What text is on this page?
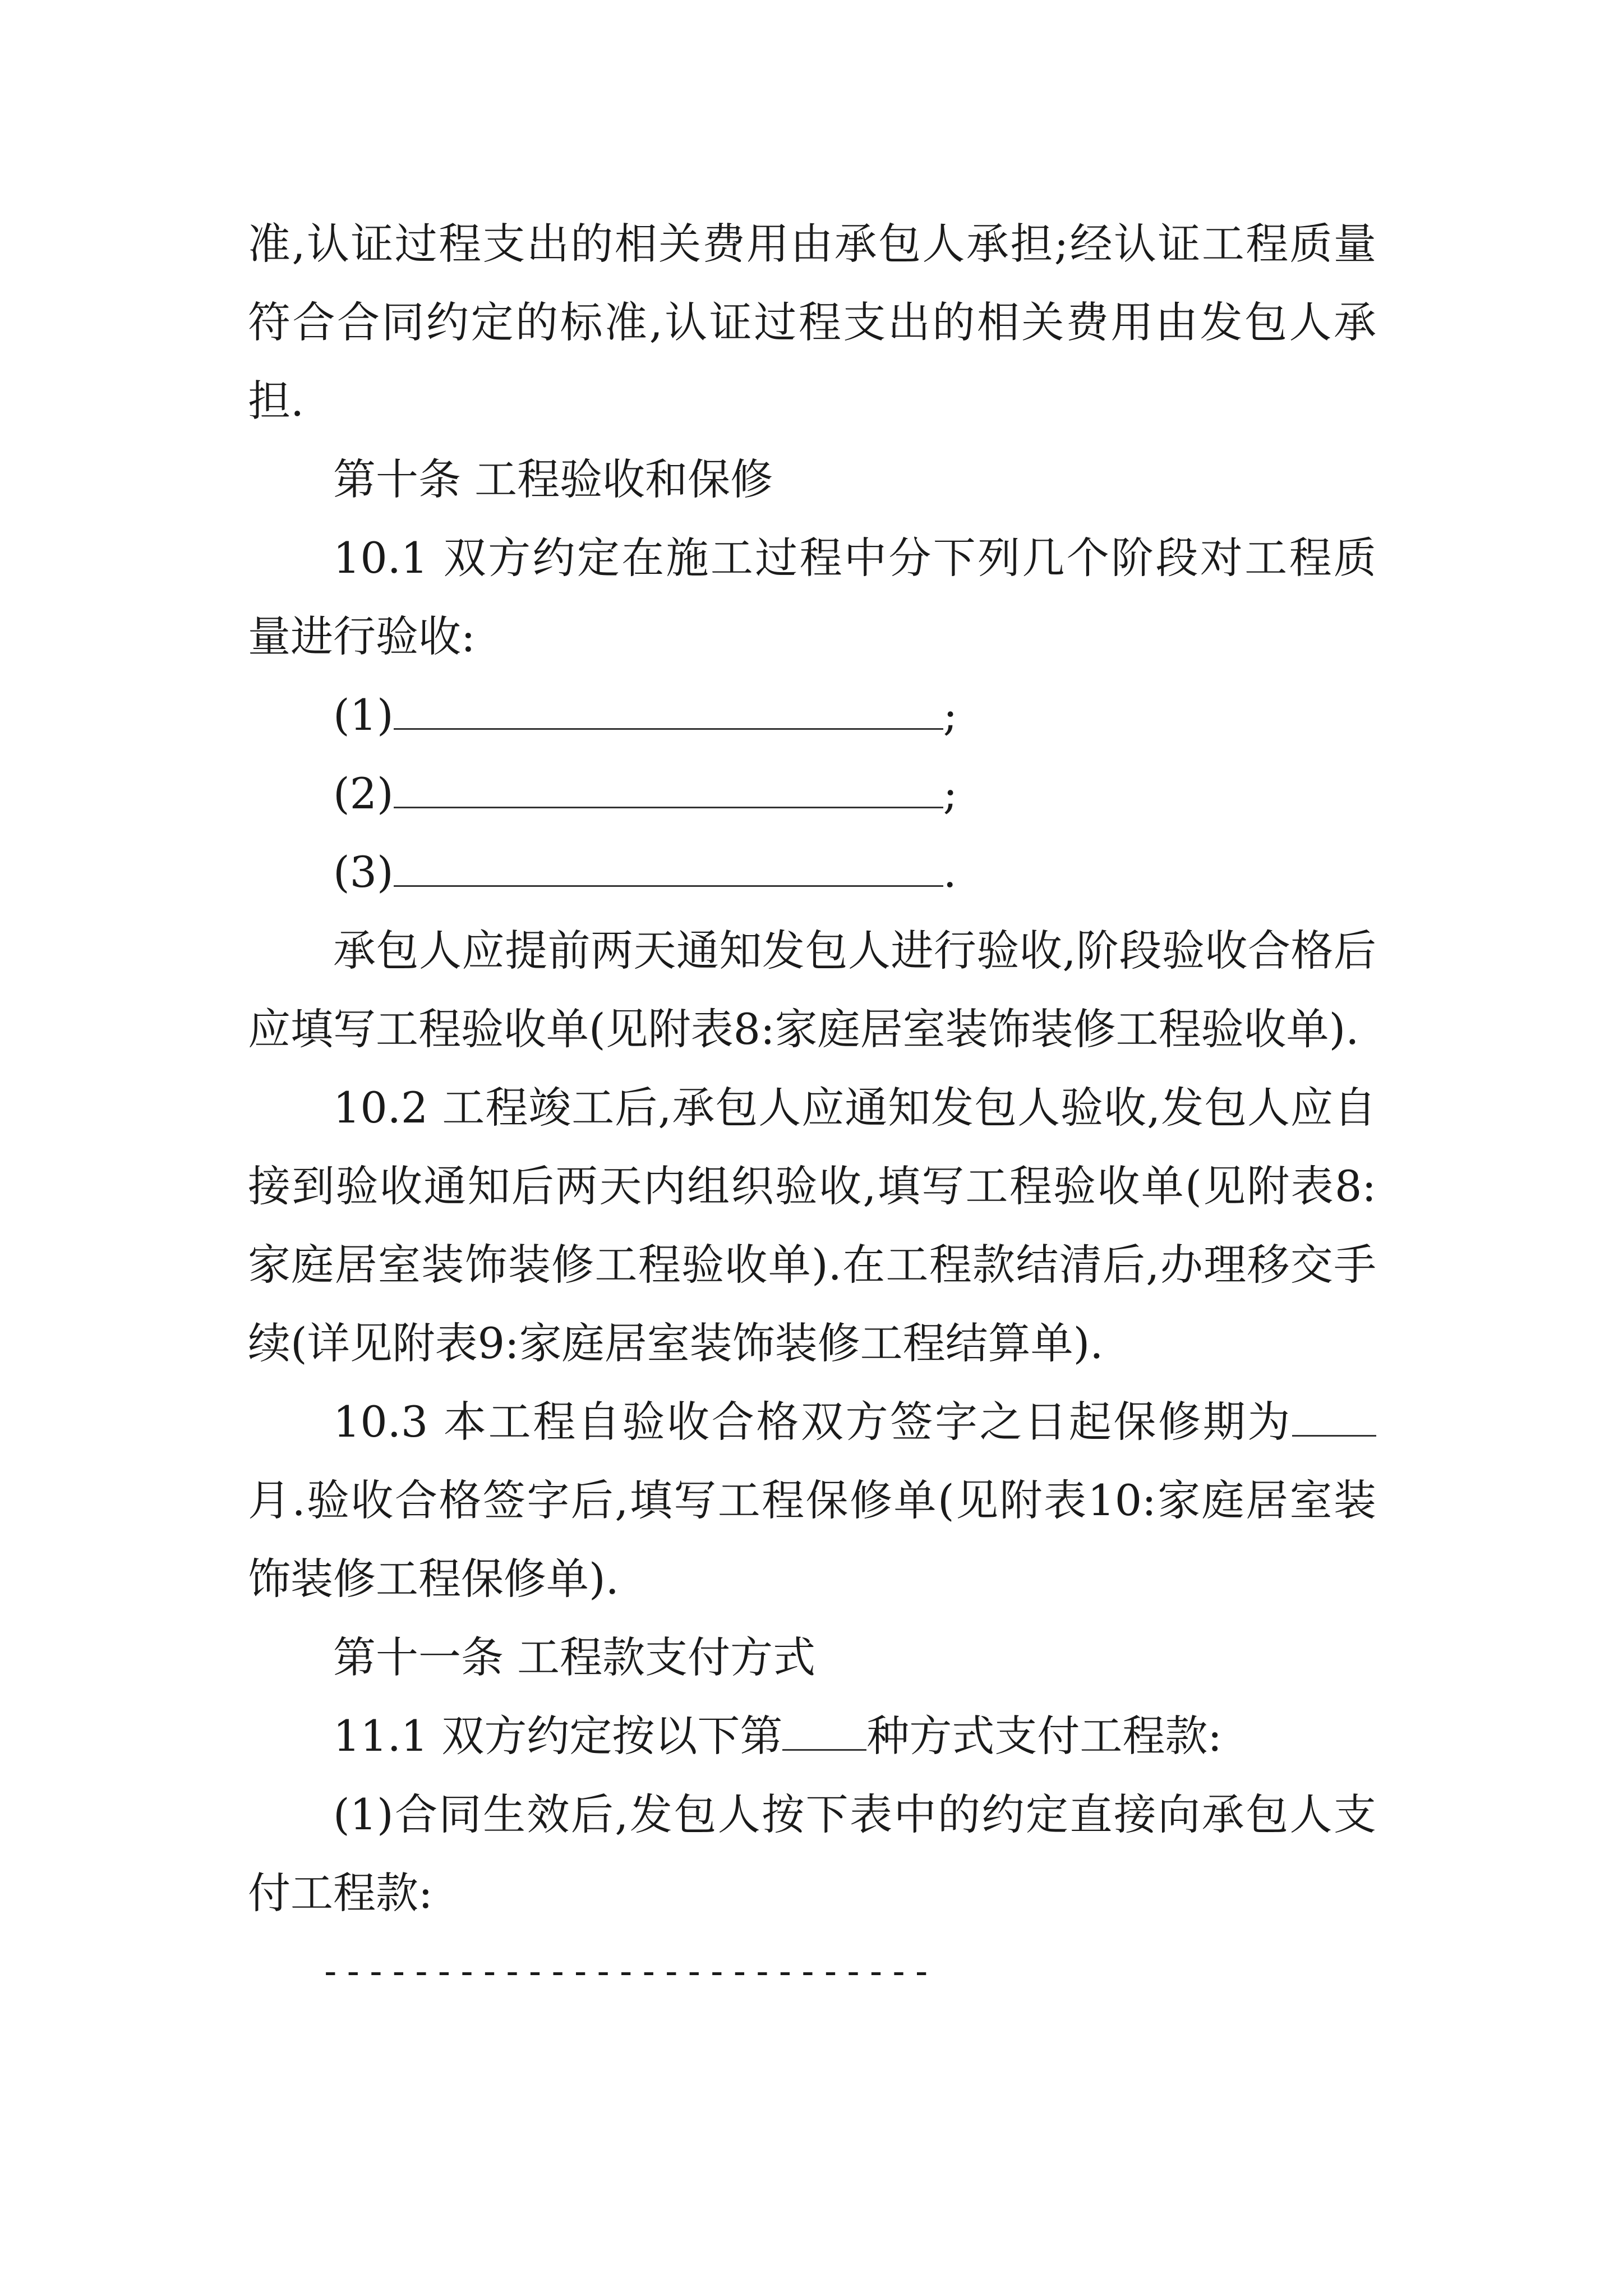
准,认证过程支出的相关费用由承包人承担;经认证工程质量符合合同约定的标准,认证过程支出的相关费用由发包人承担.

第十条 工程验收和保修

10.1 双方约定在施工过程中分下列几个阶段对工程质量进行验收:

(1)	;

(2)	;

(3)	.

承包人应提前两天通知发包人进行验收,阶段验收合格后应填写工程验收单(见附表8:家庭居室装饰装修工程验收单).

10.2 工程竣工后,承包人应通知发包人验收,发包人应自接到验收通知后两天内组织验收,填写工程验收单(见附表8:家庭居室装饰装修工程验收单).在工程款结清后,办理移交手续(详见附表9:家庭居室装饰装修工程结算单).

10.3 本工程自验收合格双方签字之日起保修期为月.验收合格签字后,填写工程保修单(见附表10:家庭居室装饰装修工程保修单).

第十一条 工程款支付方式

11.1 双方约定按以下第 种方式支付工程款:

(1)合同生效后,发包人按下表中的约定直接向承包人支付工程款:

---------------------------
